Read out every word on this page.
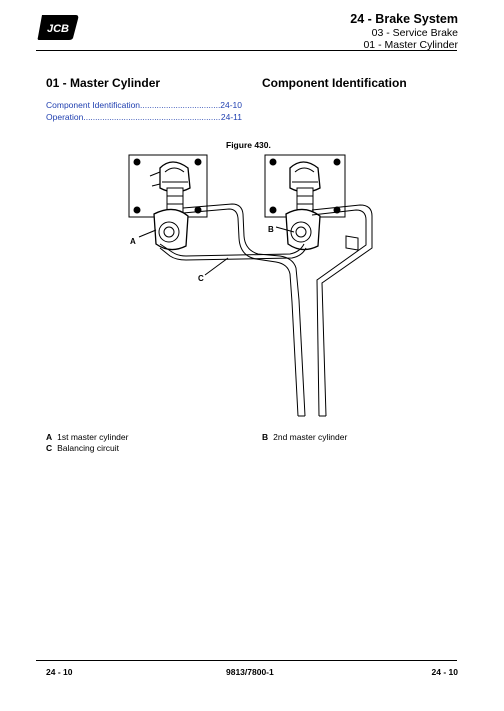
JCB
24 - Brake System
03 - Service Brake
01 - Master Cylinder
01 - Master Cylinder	Component Identification
Component Identification .....	24-10
Operation .....	24-11
Figure 430.
A
B
C
A 1st master cylinder	B 2nd master cylinder
C Balancing circuit
24 - 10	9813/7800-1	24 - 10
